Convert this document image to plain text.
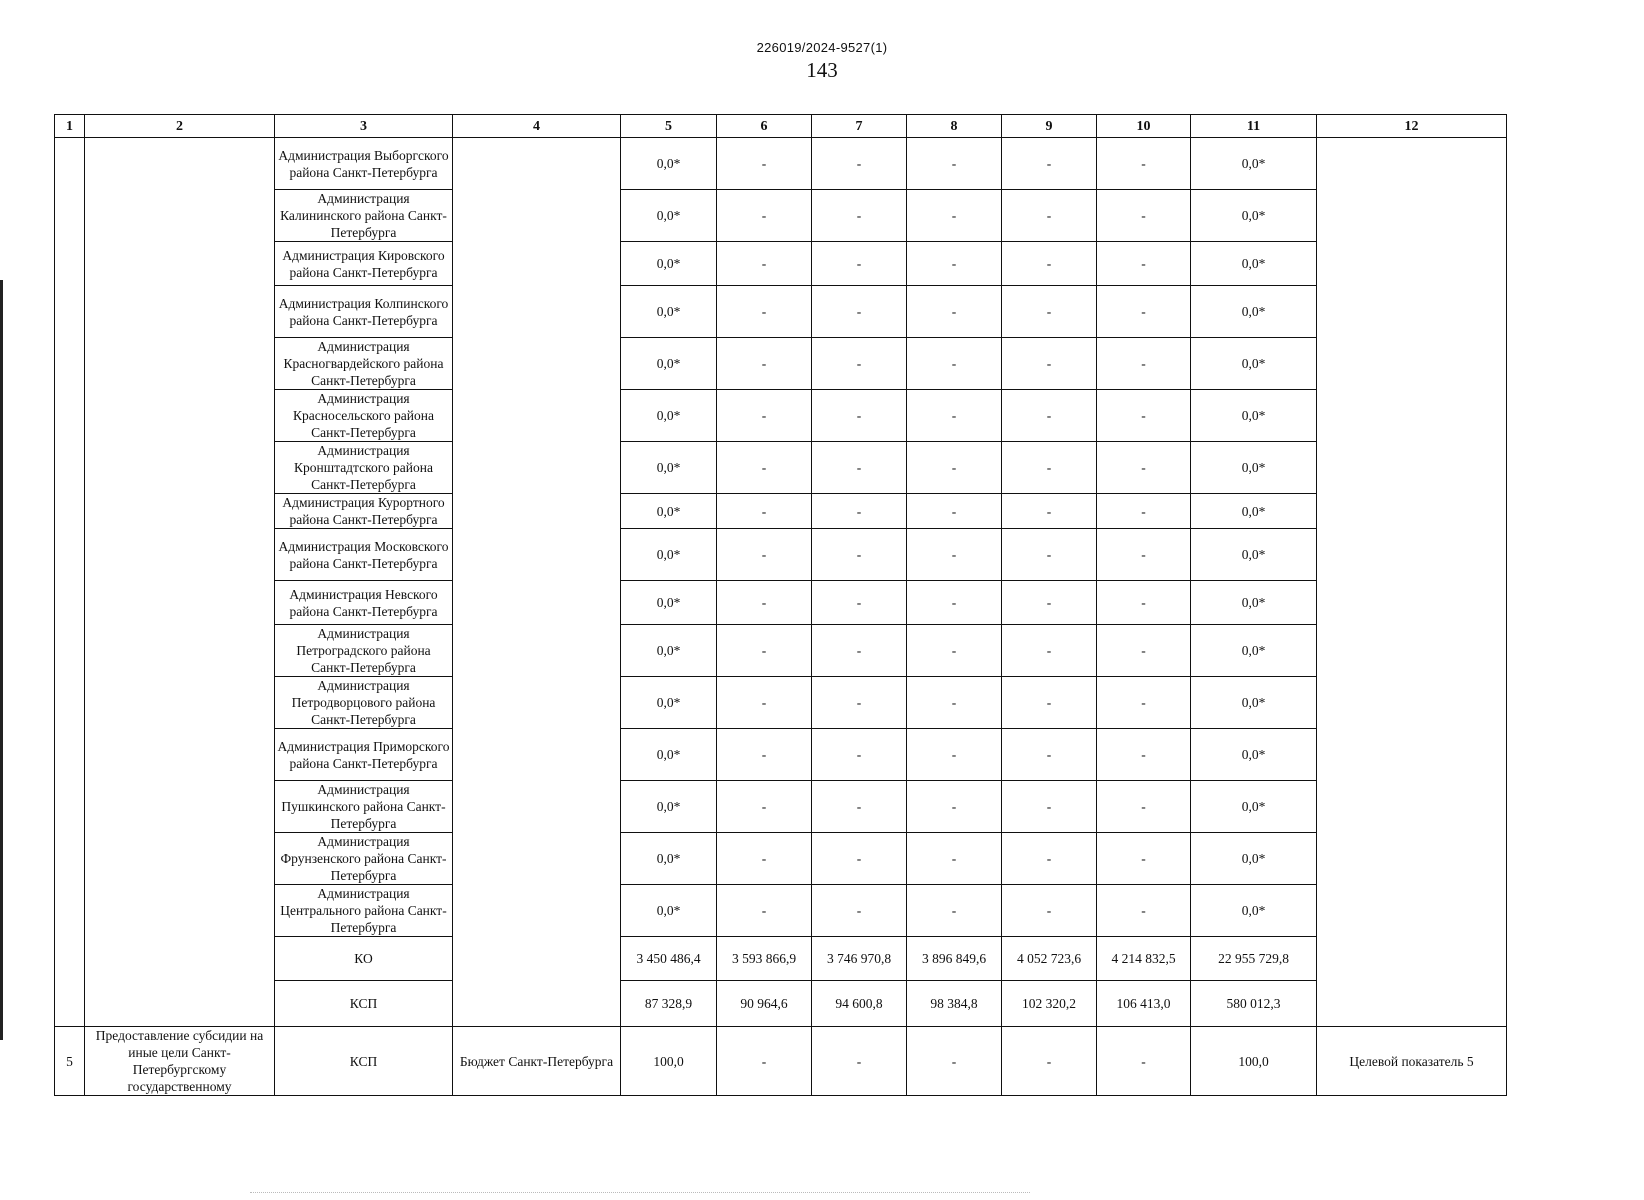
226019/2024-9527(1)
143
1	2	3	4	5	6	7	8	9	10	11	12
		Администрация Выборгского района Санкт-Петербурга		0,0*	-	-	-	-	-	0,0*	
		Администрация Калининского района Санкт-Петербурга		0,0*	-	-	-	-	-	0,0*	
		Администрация Кировского района Санкт-Петербурга		0,0*	-	-	-	-	-	0,0*	
		Администрация Колпинского района Санкт-Петербурга		0,0*	-	-	-	-	-	0,0*	
		Администрация Красногвардейского района Санкт-Петербурга		0,0*	-	-	-	-	-	0,0*	
		Администрация Красносельского района Санкт-Петербурга		0,0*	-	-	-	-	-	0,0*	
		Администрация Кронштадтского района Санкт-Петербурга		0,0*	-	-	-	-	-	0,0*	
		Администрация Курортного района Санкт-Петербурга		0,0*	-	-	-	-	-	0,0*	
		Администрация Московского района Санкт-Петербурга		0,0*	-	-	-	-	-	0,0*	
		Администрация Невского района Санкт-Петербурга		0,0*	-	-	-	-	-	0,0*	
		Администрация Петроградского района Санкт-Петербурга		0,0*	-	-	-	-	-	0,0*	
		Администрация Петродворцового района Санкт-Петербурга		0,0*	-	-	-	-	-	0,0*	
		Администрация Приморского района Санкт-Петербурга		0,0*	-	-	-	-	-	0,0*	
		Администрация Пушкинского района Санкт-Петербурга		0,0*	-	-	-	-	-	0,0*	
		Администрация Фрунзенского района Санкт-Петербурга		0,0*	-	-	-	-	-	0,0*	
		Администрация Центрального района Санкт-Петербурга		0,0*	-	-	-	-	-	0,0*	
		КО		3 450 486,4	3 593 866,9	3 746 970,8	3 896 849,6	4 052 723,6	4 214 832,5	22 955 729,8	
		КСП		87 328,9	90 964,6	94 600,8	98 384,8	102 320,2	106 413,0	580 012,3	
5	Предоставление субсидии на иные цели Санкт-Петербургскому государственному	КСП	Бюджет Санкт-Петербурга	100,0	-	-	-	-	-	100,0	Целевой показатель 5
